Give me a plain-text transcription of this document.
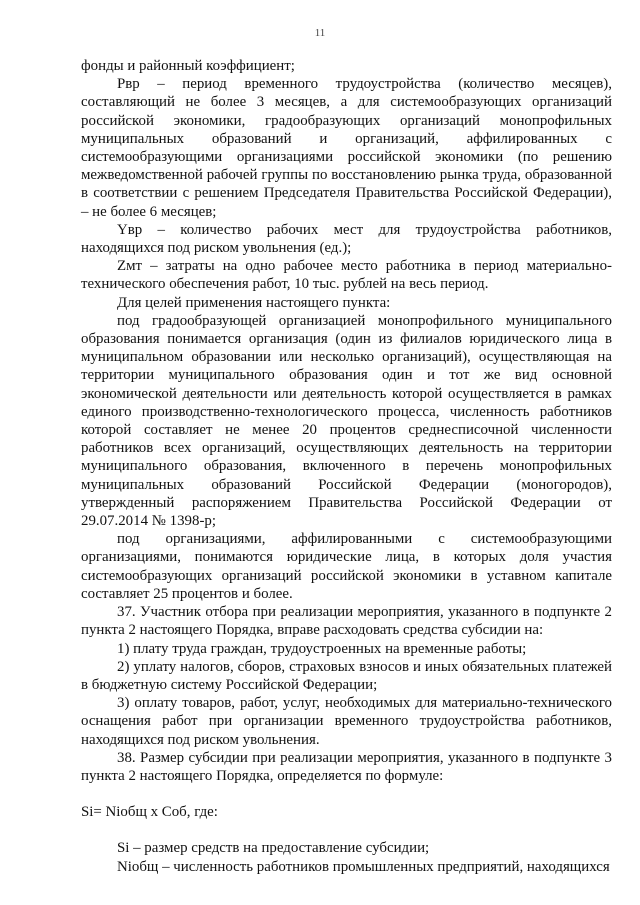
11

фонды и районный коэффициент;

Рвр – период временного трудоустройства (количество месяцев), составляющий не более 3 месяцев, а для системообразующих организаций российской экономики, градообразующих организаций монопрофильных муниципальных образований и организаций, аффилированных с системообразующими организациями российской экономики (по решению межведомственной рабочей группы по восстановлению рынка труда, образованной в соответствии с решением Председателя Правительства Российской Федерации), – не более 6 месяцев;

Yвр – количество рабочих мест для трудоустройства работников, находящихся под риском увольнения (ед.);

Zмт – затраты на одно рабочее место работника в период материально-технического обеспечения работ, 10 тыс. рублей на весь период.

Для целей применения настоящего пункта:

под градообразующей организацией монопрофильного муниципального образования понимается организация (один из филиалов юридического лица в муниципальном образовании или несколько организаций), осуществляющая на территории муниципального образования один и тот же вид основной экономической деятельности или деятельность которой осуществляется в рамках единого производственно-технологического процесса, численность работников которой составляет не менее 20 процентов среднесписочной численности работников всех организаций, осуществляющих деятельность на территории муниципального образования, включенного в перечень монопрофильных муниципальных образований Российской Федерации (моногородов), утвержденный распоряжением Правительства Российской Федерации от 29.07.2014 № 1398-р;

под организациями, аффилированными с системообразующими организациями, понимаются юридические лица, в которых доля участия системообразующих организаций российской экономики в уставном капитале составляет 25 процентов и более.

37. Участник отбора при реализации мероприятия, указанного в подпункте 2 пункта 2 настоящего Порядка, вправе расходовать средства субсидии на:

1) плату труда граждан, трудоустроенных на временные работы;

2) уплату налогов, сборов, страховых взносов и иных обязательных платежей в бюджетную систему Российской Федерации;

3) оплату товаров, работ, услуг, необходимых для материально-технического оснащения работ при организации временного трудоустройства работников, находящихся под риском увольнения.

38. Размер субсидии при реализации мероприятия, указанного в подпункте 3 пункта 2 настоящего Порядка, определяется по формуле:

Si= Nioбщ x Соб, где:

Si – размер средств на предоставление субсидии;

Nioбщ – численность работников промышленных предприятий, находящихся
